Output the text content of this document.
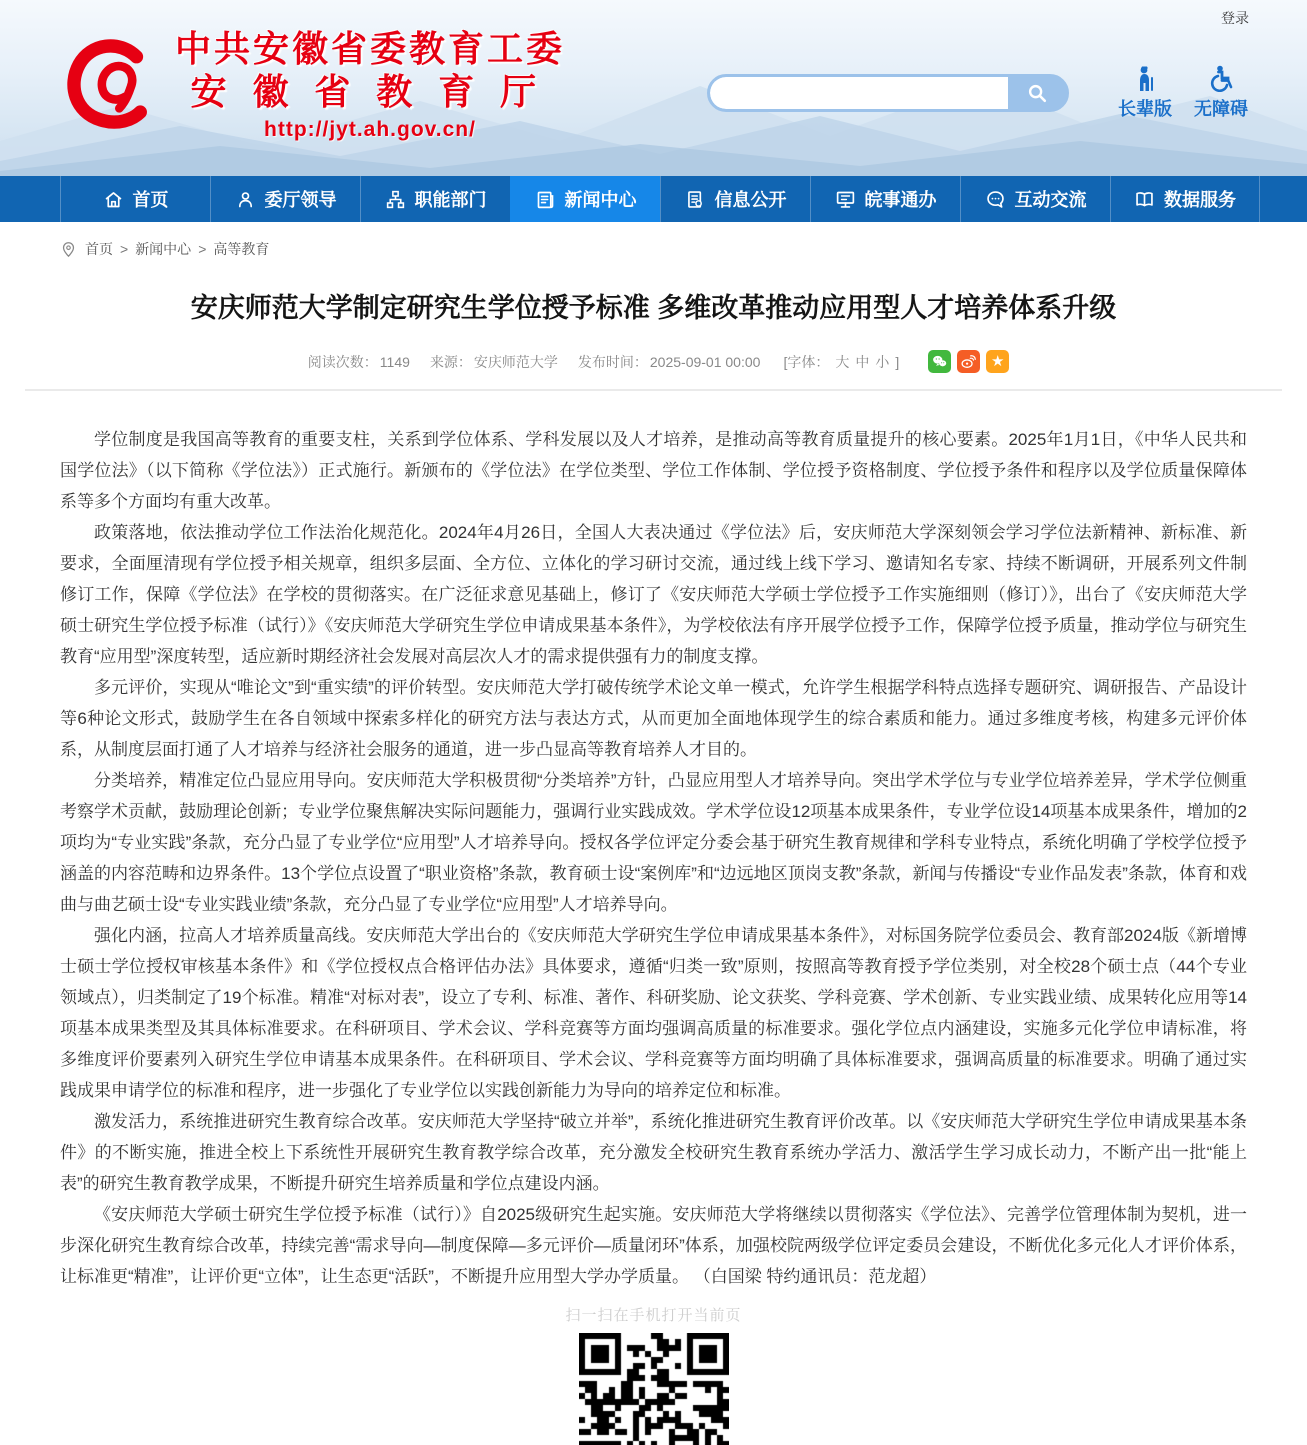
登录
中共安徽省委教育工委
安徽省教育厅
http://jyt.ah.gov.cn/
长辈版 无障碍
首页	委厅领导	职能部门	新闻中心	信息公开	皖事通办	互动交流	数据服务
首页 > 新闻中心 > 高等教育
安庆师范大学制定研究生学位授予标准 多维改革推动应用型人才培养体系升级
阅读次数： 1149 来源： 安庆师范大学 发布时间： 2025-09-01 00:00 [字体： 大 中 小 ]	★

学位制度是我国高等教育的重要支柱，关系到学位体系、学科发展以及人才培养，是推动高等教育质量提升的核心要素。2025年1月1日，《中华人民共和国学位法》（以下简称《学位法》）正式施行。新颁布的《学位法》在学位类型、学位工作体制、学位授予资格制度、学位授予条件和程序以及学位质量保障体系等多个方面均有重大改革。

政策落地，依法推动学位工作法治化规范化。2024年4月26日，全国人大表决通过《学位法》后，安庆师范大学深刻领会学习学位法新精神、新标准、新要求，全面厘清现有学位授予相关规章，组织多层面、全方位、立体化的学习研讨交流，通过线上线下学习、邀请知名专家、持续不断调研，开展系列文件制修订工作，保障《学位法》在学校的贯彻落实。在广泛征求意见基础上，修订了《安庆师范大学硕士学位授予工作实施细则（修订）》，出台了《安庆师范大学硕士研究生学位授予标准（试行）》《安庆师范大学研究生学位申请成果基本条件》，为学校依法有序开展学位授予工作，保障学位授予质量，推动学位与研究生教育“应用型”深度转型，适应新时期经济社会发展对高层次人才的需求提供强有力的制度支撑。

多元评价，实现从“唯论文”到“重实绩”的评价转型。安庆师范大学打破传统学术论文单一模式，允许学生根据学科特点选择专题研究、调研报告、产品设计等6种论文形式，鼓励学生在各自领域中探索多样化的研究方法与表达方式，从而更加全面地体现学生的综合素质和能力。通过多维度考核，构建多元评价体系，从制度层面打通了人才培养与经济社会服务的通道，进一步凸显高等教育培养人才目的。

分类培养，精准定位凸显应用导向。安庆师范大学积极贯彻“分类培养”方针，凸显应用型人才培养导向。突出学术学位与专业学位培养差异，学术学位侧重考察学术贡献，鼓励理论创新；专业学位聚焦解决实际问题能力，强调行业实践成效。学术学位设12项基本成果条件，专业学位设14项基本成果条件，增加的2项均为“专业实践”条款，充分凸显了专业学位“应用型”人才培养导向。授权各学位评定分委会基于研究生教育规律和学科专业特点，系统化明确了学校学位授予涵盖的内容范畴和边界条件。13个学位点设置了“职业资格”条款，教育硕士设“案例库”和“边远地区顶岗支教”条款，新闻与传播设“专业作品发表”条款，体育和戏曲与曲艺硕士设“专业实践业绩”条款，充分凸显了专业学位“应用型”人才培养导向。

强化内涵，拉高人才培养质量高线。安庆师范大学出台的《安庆师范大学研究生学位申请成果基本条件》，对标国务院学位委员会、教育部2024版《新增博士硕士学位授权审核基本条件》和《学位授权点合格评估办法》具体要求，遵循“归类一致”原则，按照高等教育授予学位类别，对全校28个硕士点（44个专业领域点），归类制定了19个标准。精准“对标对表”，设立了专利、标准、著作、科研奖励、论文获奖、学科竞赛、学术创新、专业实践业绩、成果转化应用等14项基本成果类型及其具体标准要求。在科研项目、学术会议、学科竞赛等方面均强调高质量的标准要求。强化学位点内涵建设，实施多元化学位申请标准，将多维度评价要素列入研究生学位申请基本成果条件。在科研项目、学术会议、学科竞赛等方面均明确了具体标准要求，强调高质量的标准要求。明确了通过实践成果申请学位的标准和程序，进一步强化了专业学位以实践创新能力为导向的培养定位和标准。

激发活力，系统推进研究生教育综合改革。安庆师范大学坚持“破立并举”，系统化推进研究生教育评价改革。以《安庆师范大学研究生学位申请成果基本条件》的不断实施，推进全校上下系统性开展研究生教育教学综合改革，充分激发全校研究生教育系统办学活力、激活学生学习成长动力，不断产出一批“能上表”的研究生教育教学成果，不断提升研究生培养质量和学位点建设内涵。

《安庆师范大学硕士研究生学位授予标准（试行）》自2025级研究生起实施。安庆师范大学将继续以贯彻落实《学位法》、完善学位管理体制为契机，进一步深化研究生教育综合改革，持续完善“需求导向—制度保障—多元评价—质量闭环”体系，加强校院两级学位评定委员会建设，不断优化多元化人才评价体系，让标准更“精准”，让评价更“立体”，让生态更“活跃”，不断提升应用型大学办学质量。 （白国梁 特约通讯员：范龙超）

扫一扫在手机打开当前页
